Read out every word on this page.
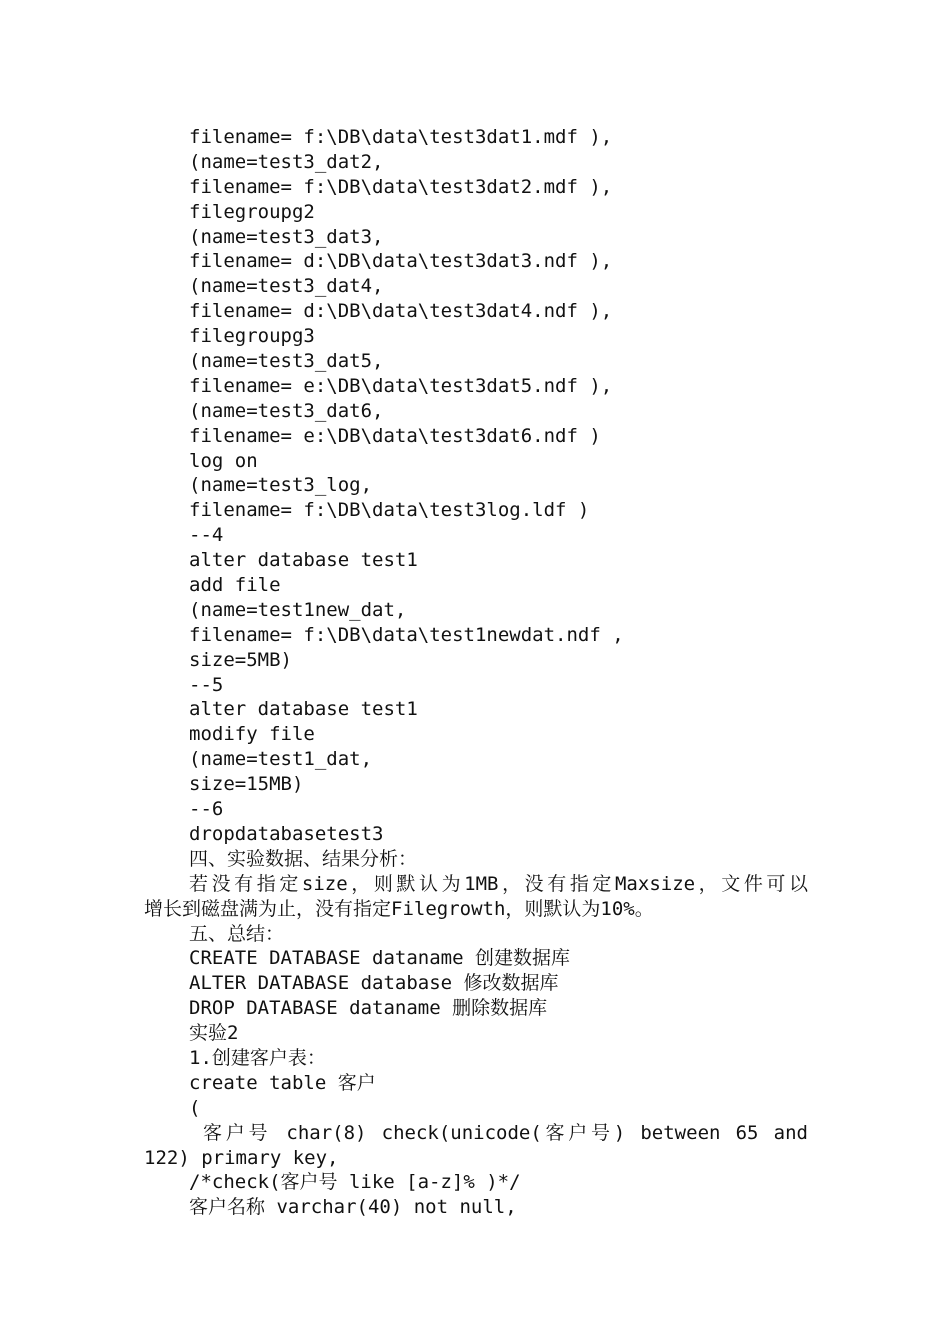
filename= f:\DB\data\test3dat1.mdf ),

(name=test3_dat2,

filename= f:\DB\data\test3dat2.mdf ),

filegroupg2

(name=test3_dat3,

filename= d:\DB\data\test3dat3.ndf ),

(name=test3_dat4,

filename= d:\DB\data\test3dat4.ndf ),

filegroupg3

(name=test3_dat5,

filename= e:\DB\data\test3dat5.ndf ),

(name=test3_dat6,

filename= e:\DB\data\test3dat6.ndf )

log on

(name=test3_log,

filename= f:\DB\data\test3log.ldf )

--4

alter database test1

add file

(name=test1new_dat,

filename= f:\DB\data\test1newdat.ndf ,

size=5MB)

--5

alter database test1

modify file

(name=test1_dat,

size=15MB)

--6

dropdatabasetest3

四、实验数据、结果分析：

若没有指定size，则默认为1MB，没有指定Maxsize，文件可以

增长到磁盘满为止，没有指定Filegrowth，则默认为10%。

五、总结：

CREATE DATABASE dataname 创建数据库

ALTER DATABASE database 修改数据库

DROP DATABASE dataname 删除数据库

实验2

1.创建客户表：

create table 客户

(

客户号 char(8) check(unicode(客户号) between 65 and

122) primary key,

/*check(客户号 like [a-z]% )*/

客户名称 varchar(40) not null,
